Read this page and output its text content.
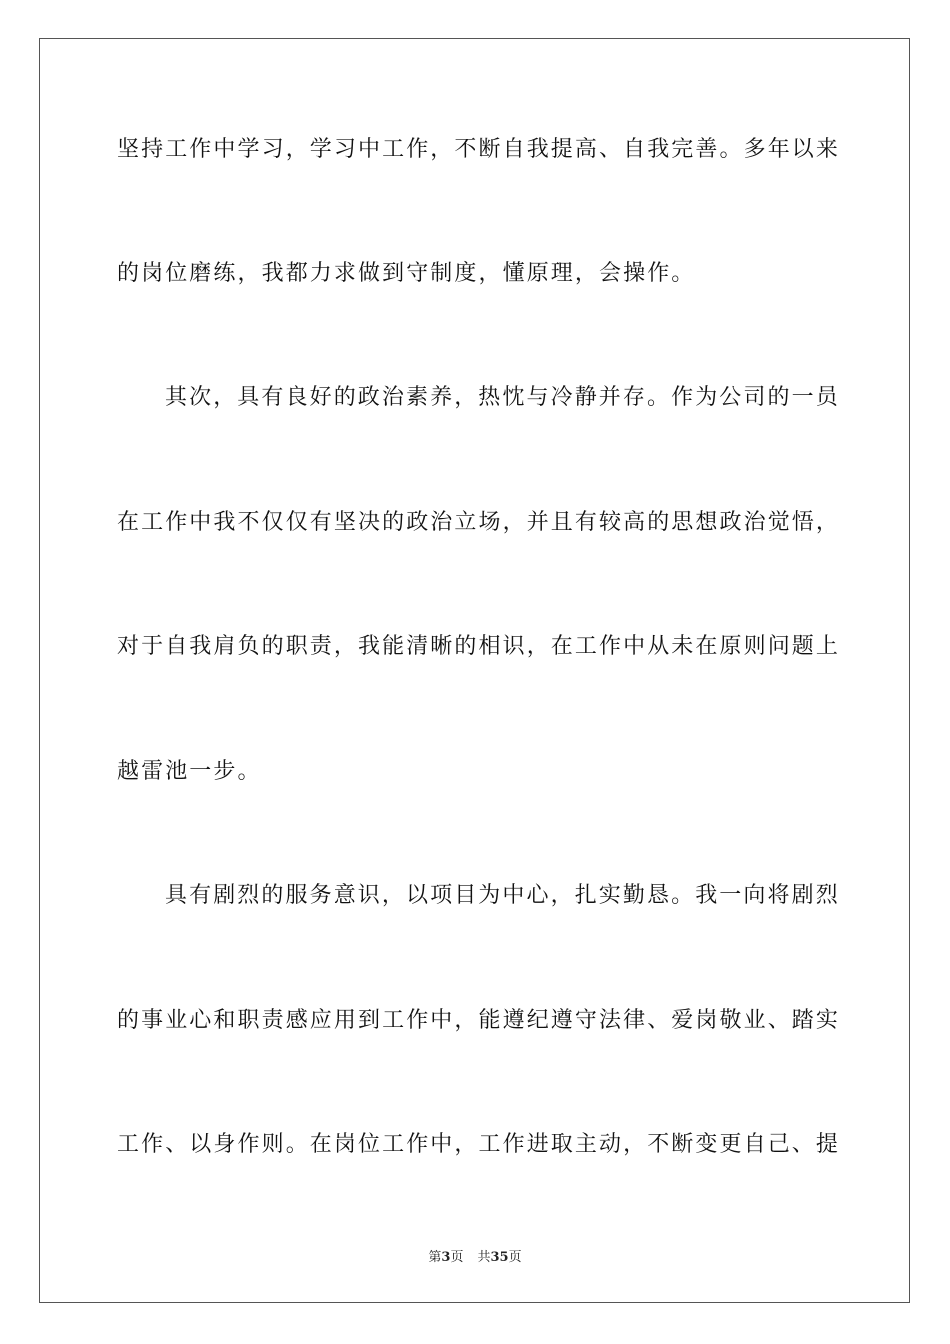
坚持工作中学习，学习中工作，不断自我提高、自我完善。多年以来
的岗位磨练，我都力求做到守制度，懂原理，会操作。
其次，具有良好的政治素养，热忱与冷静并存。作为公司的一员
在工作中我不仅仅有坚决的政治立场，并且有较高的思想政治觉悟，
对于自我肩负的职责，我能清晰的相识，在工作中从未在原则问题上
越雷池一步。
具有剧烈的服务意识，以项目为中心，扎实勤恳。我一向将剧烈
的事业心和职责感应用到工作中，能遵纪遵守法律、爱岗敬业、踏实
工作、以身作则。在岗位工作中，工作进取主动，不断变更自己、提
第3页 共35页
